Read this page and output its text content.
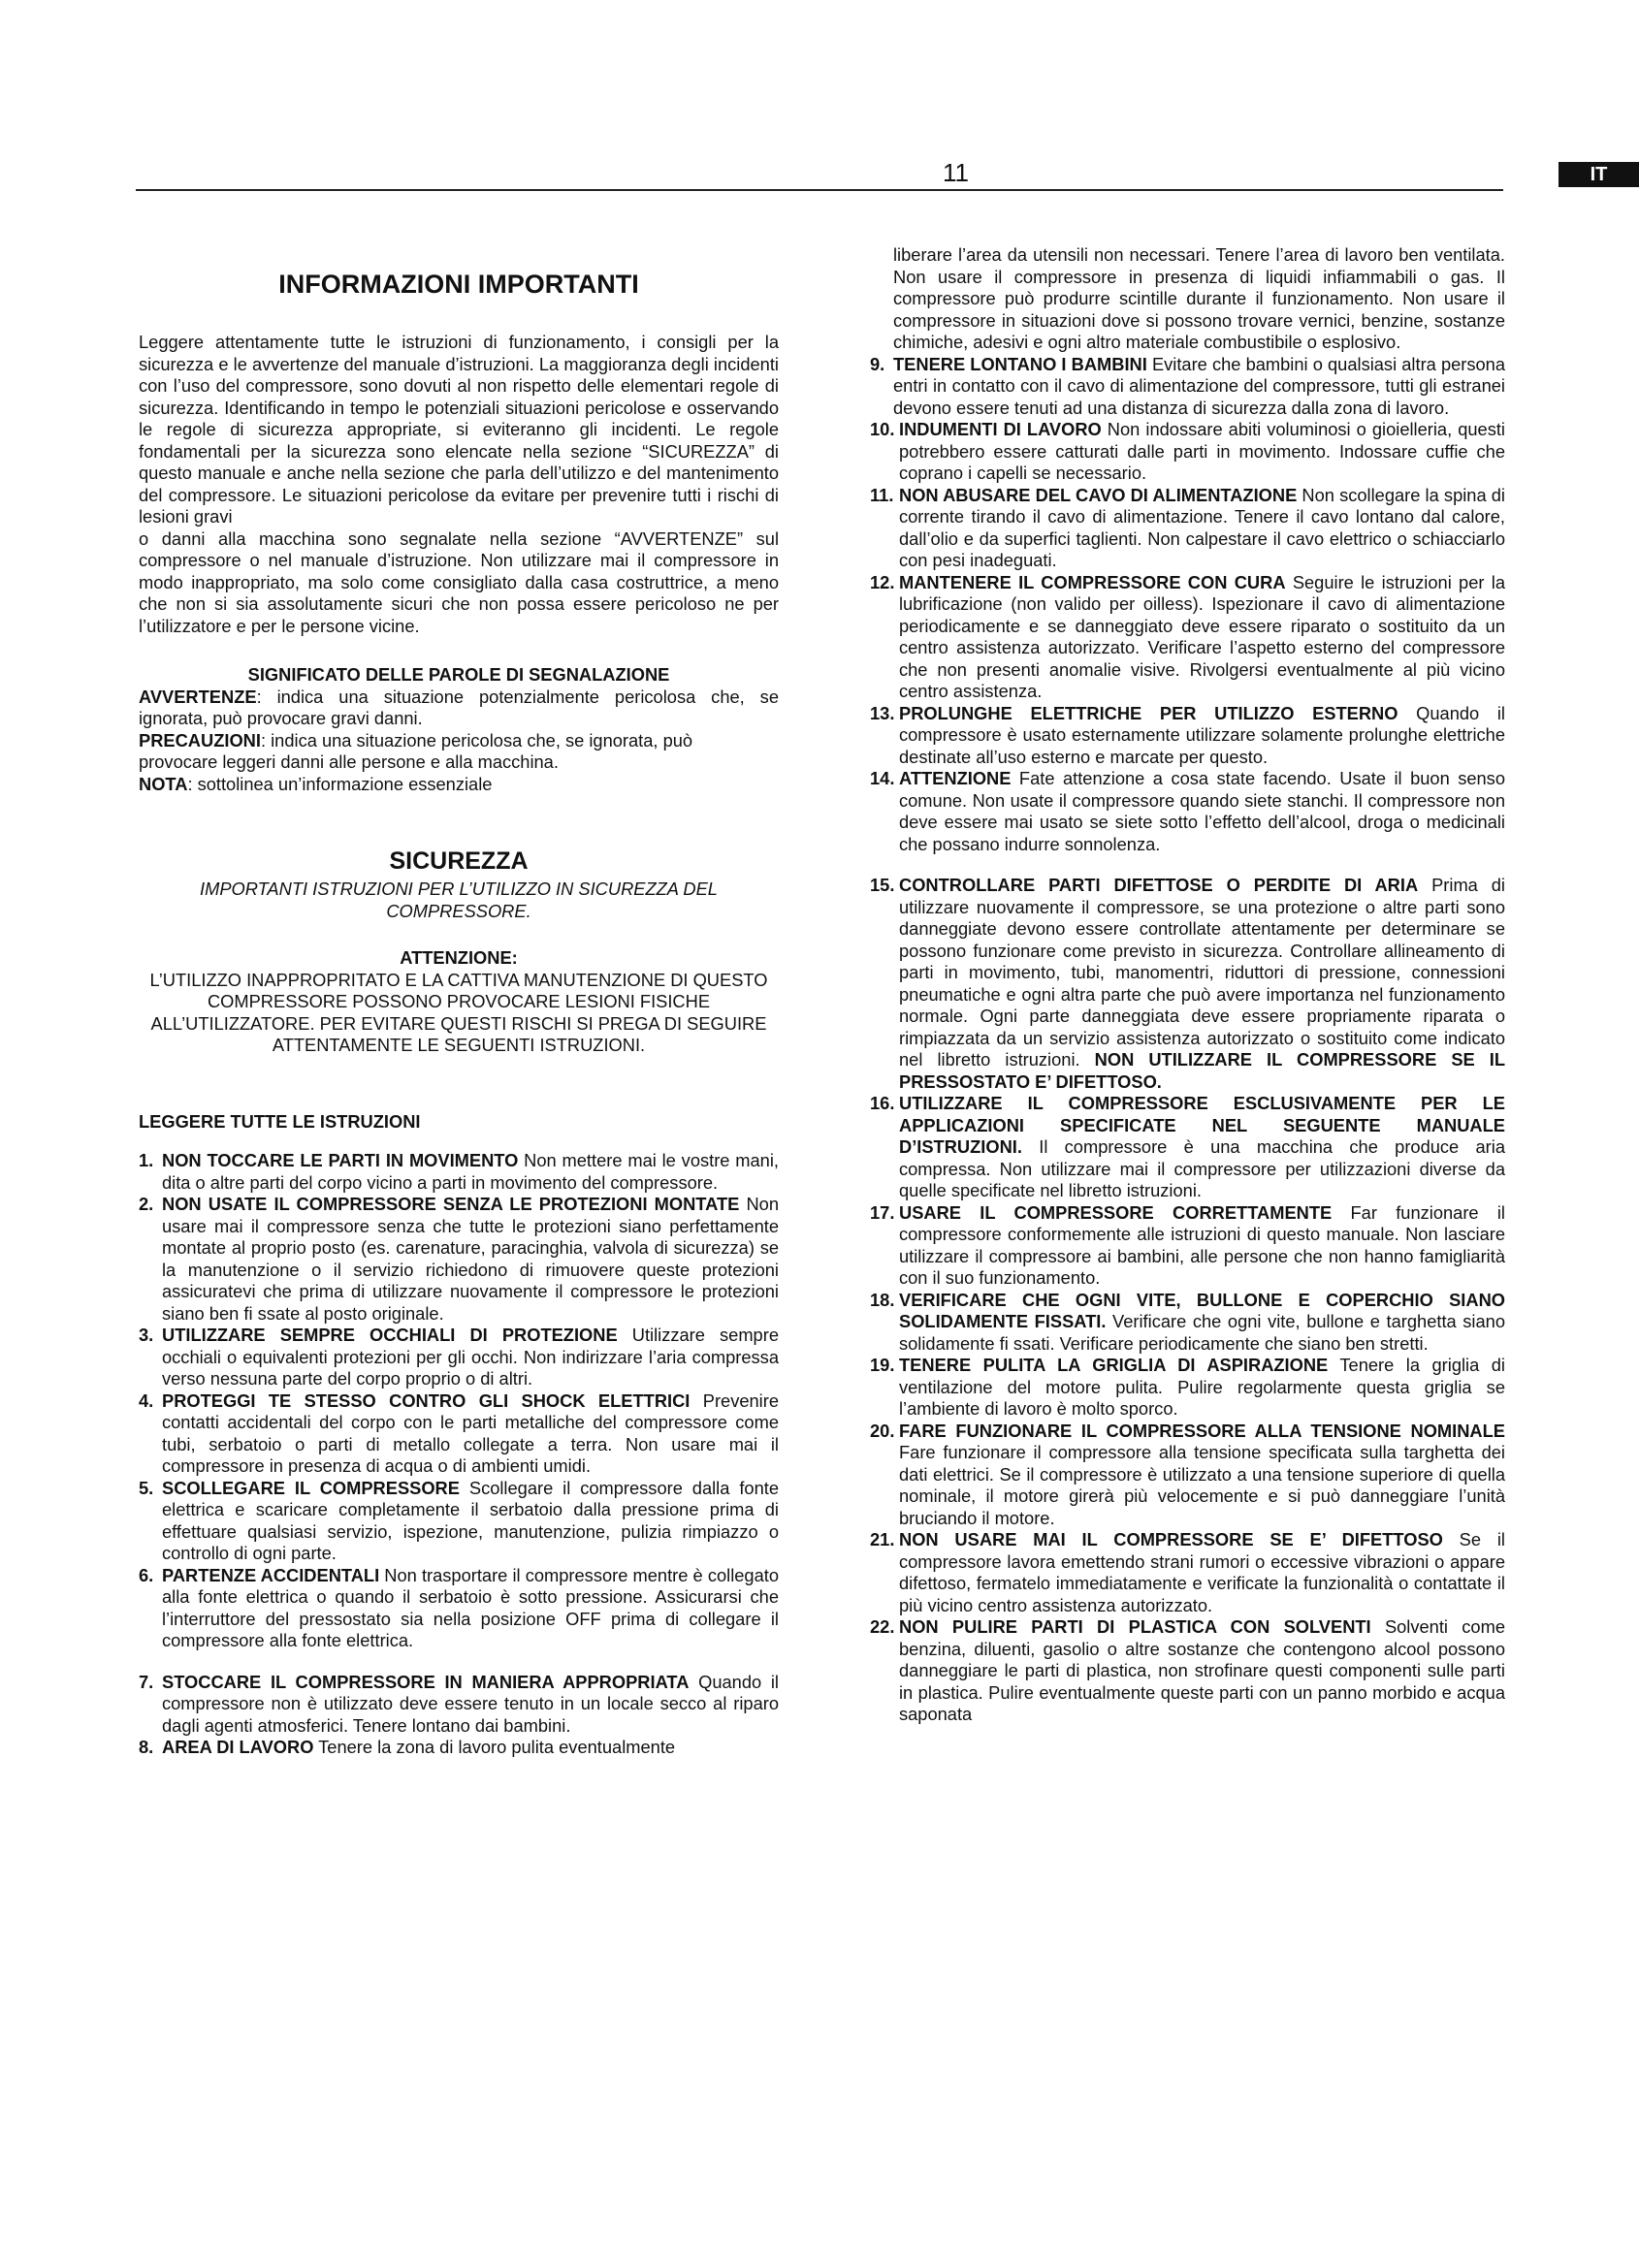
11	IT
INFORMAZIONI IMPORTANTI

Leggere attentamente tutte le istruzioni di funzionamento, i consigli per la sicurezza e le avvertenze del manuale d’istruzioni. La maggioranza degli incidenti con l’uso del compressore, sono dovuti al non rispetto delle elementari regole di sicurezza. Identificando in tempo le potenziali situazioni pericolose e osservando le regole di sicurezza appropriate, si eviteranno gli incidenti. Le regole fondamentali per la sicurezza sono elencate nella sezione “SICUREZZA” di questo manuale e anche nella sezione che parla dell’utilizzo e del mantenimento del compressore. Le situazioni pericolose da evitare per prevenire tutti i rischi di lesioni gravi

o danni alla macchina sono segnalate nella sezione “AVVERTENZE” sul compressore o nel manuale d’istruzione. Non utilizzare mai il compressore in modo inappropriato, ma solo come consigliato dalla casa costruttrice, a meno che non si sia assolutamente sicuri che non possa essere pericoloso ne per l’utilizzatore e per le persone vicine.

SIGNIFICATO DELLE PAROLE DI SEGNALAZIONE

AVVERTENZE: indica una situazione potenzialmente pericolosa che, se ignorata, può provocare gravi danni.

PRECAUZIONI: indica una situazione pericolosa che, se ignorata, può

provocare leggeri danni alle persone e alla macchina.

NOTA: sottolinea un’informazione essenziale

SICUREZZA

IMPORTANTI ISTRUZIONI PER L’UTILIZZO IN SICUREZZA DEL COMPRESSORE.

ATTENZIONE:

L’UTILIZZO INAPPROPRITATO E LA CATTIVA MANUTENZIONE DI QUESTO COMPRESSORE POSSONO PROVOCARE LESIONI FISICHE ALL’UTILIZZATORE. PER EVITARE QUESTI RISCHI SI PREGA DI SEGUIRE ATTENTAMENTE LE SEGUENTI ISTRUZIONI.

LEGGERE TUTTE LE ISTRUZIONI

1. NON TOCCARE LE PARTI IN MOVIMENTO Non mettere mai le vostre mani, dita o altre parti del corpo vicino a parti in movimento del compressore.
2. NON USATE IL COMPRESSORE SENZA LE PROTEZIONI MONTATE Non usare mai il compressore senza che tutte le protezioni siano perfettamente montate al proprio posto (es. carenature, paracinghia, valvola di sicurezza) se la manutenzione o il servizio richiedono di rimuovere queste protezioni assicuratevi che prima di utilizzare nuovamente il compressore le protezioni siano ben fi ssate al posto originale.
3. UTILIZZARE SEMPRE OCCHIALI DI PROTEZIONE Utilizzare sempre occhiali o equivalenti protezioni per gli occhi. Non indirizzare l’aria compressa verso nessuna parte del corpo proprio o di altri.
4. PROTEGGI TE STESSO CONTRO GLI SHOCK ELETTRICI Prevenire contatti accidentali del corpo con le parti metalliche del compressore come tubi, serbatoio o parti di metallo collegate a terra. Non usare mai il compressore in presenza di acqua o di ambienti umidi.
5. SCOLLEGARE IL COMPRESSORE Scollegare il compressore dalla fonte elettrica e scaricare completamente il serbatoio dalla pressione prima di effettuare qualsiasi servizio, ispezione, manutenzione, pulizia rimpiazzo o controllo di ogni parte.
6. PARTENZE ACCIDENTALI Non trasportare il compressore mentre è collegato alla fonte elettrica o quando il serbatoio è sotto pressione. Assicurarsi che l’interruttore del pressostato sia nella posizione OFF prima di collegare il compressore alla fonte elettrica.
7. STOCCARE IL COMPRESSORE IN MANIERA APPROPRIATA Quando il compressore non è utilizzato deve essere tenuto in un locale secco al riparo dagli agenti atmosferici. Tenere lontano dai bambini.
8. AREA DI LAVORO Tenere la zona di lavoro pulita eventualmente

liberare l’area da utensili non necessari. Tenere l’area di lavoro ben ventilata. Non usare il compressore in presenza di liquidi infiammabili o gas. Il compressore può produrre scintille durante il funzionamento. Non usare il compressore in situazioni dove si possono trovare vernici, benzine, sostanze chimiche, adesivi e ogni altro materiale combustibile o esplosivo.

9. TENERE LONTANO I BAMBINI Evitare che bambini o qualsiasi altra persona entri in contatto con il cavo di alimentazione del compressore, tutti gli estranei devono essere tenuti ad una distanza di sicurezza dalla zona di lavoro.
10. INDUMENTI DI LAVORO Non indossare abiti voluminosi o gioielleria, questi potrebbero essere catturati dalle parti in movimento. Indossare cuffie che coprano i capelli se necessario.
11. NON ABUSARE DEL CAVO DI ALIMENTAZIONE Non scollegare la spina di corrente tirando il cavo di alimentazione. Tenere il cavo lontano dal calore, dall’olio e da superfici taglienti. Non calpestare il cavo elettrico o schiacciarlo con pesi inadeguati.
12. MANTENERE IL COMPRESSORE CON CURA Seguire le istruzioni per la lubrificazione (non valido per oilless). Ispezionare il cavo di alimentazione periodicamente e se danneggiato deve essere riparato o sostituito da un centro assistenza autorizzato. Verificare l’aspetto esterno del compressore che non presenti anomalie visive. Rivolgersi eventualmente al più vicino centro assistenza.
13. PROLUNGHE ELETTRICHE PER UTILIZZO ESTERNO Quando il compressore è usato esternamente utilizzare solamente prolunghe elettriche destinate all’uso esterno e marcate per questo.
14. ATTENZIONE Fate attenzione a cosa state facendo. Usate il buon senso comune. Non usate il compressore quando siete stanchi. Il compressore non deve essere mai usato se siete sotto l’effetto dell’alcool, droga o medicinali che possano indurre sonnolenza.
15. CONTROLLARE PARTI DIFETTOSE O PERDITE DI ARIA Prima di utilizzare nuovamente il compressore, se una protezione o altre parti sono danneggiate devono essere controllate attentamente per determinare se possono funzionare come previsto in sicurezza. Controllare allineamento di parti in movimento, tubi, manomentri, riduttori di pressione, connessioni pneumatiche e ogni altra parte che può avere importanza nel funzionamento normale. Ogni parte danneggiata deve essere propriamente riparata o rimpiazzata da un servizio assistenza autorizzato o sostituito come indicato nel libretto istruzioni. NON UTILIZZARE IL COMPRESSORE SE IL PRESSOSTATO E’ DIFETTOSO.
16. UTILIZZARE IL COMPRESSORE ESCLUSIVAMENTE PER LE APPLICAZIONI SPECIFICATE NEL SEGUENTE MANUALE D’ISTRUZIONI. Il compressore è una macchina che produce aria compressa. Non utilizzare mai il compressore per utilizzazioni diverse da quelle specificate nel libretto istruzioni.
17. USARE IL COMPRESSORE CORRETTAMENTE Far funzionare il compressore conformemente alle istruzioni di questo manuale. Non lasciare utilizzare il compressore ai bambini, alle persone che non hanno famigliarità con il suo funzionamento.
18. VERIFICARE CHE OGNI VITE, BULLONE E COPERCHIO SIANO SOLIDAMENTE FISSATI. Verificare che ogni vite, bullone e targhetta siano solidamente fi ssati. Verificare periodicamente che siano ben stretti.
19. TENERE PULITA LA GRIGLIA DI ASPIRAZIONE Tenere la griglia di ventilazione del motore pulita. Pulire regolarmente questa griglia se l’ambiente di lavoro è molto sporco.
20. FARE FUNZIONARE IL COMPRESSORE ALLA TENSIONE NOMINALE Fare funzionare il compressore alla tensione specificata sulla targhetta dei dati elettrici. Se il compressore è utilizzato a una tensione superiore di quella nominale, il motore girerà più velocemente e si può danneggiare l’unità bruciando il motore.
21. NON USARE MAI IL COMPRESSORE SE E’ DIFETTOSO Se il compressore lavora emettendo strani rumori o eccessive vibrazioni o appare difettoso, fermatelo immediatamente e verificate la funzionalità o contattate il più vicino centro assistenza autorizzato.
22. NON PULIRE PARTI DI PLASTICA CON SOLVENTI Solventi come benzina, diluenti, gasolio o altre sostanze che contengono alcool possono danneggiare le parti di plastica, non strofinare questi componenti sulle parti in plastica. Pulire eventualmente queste parti con un panno morbido e acqua saponata
